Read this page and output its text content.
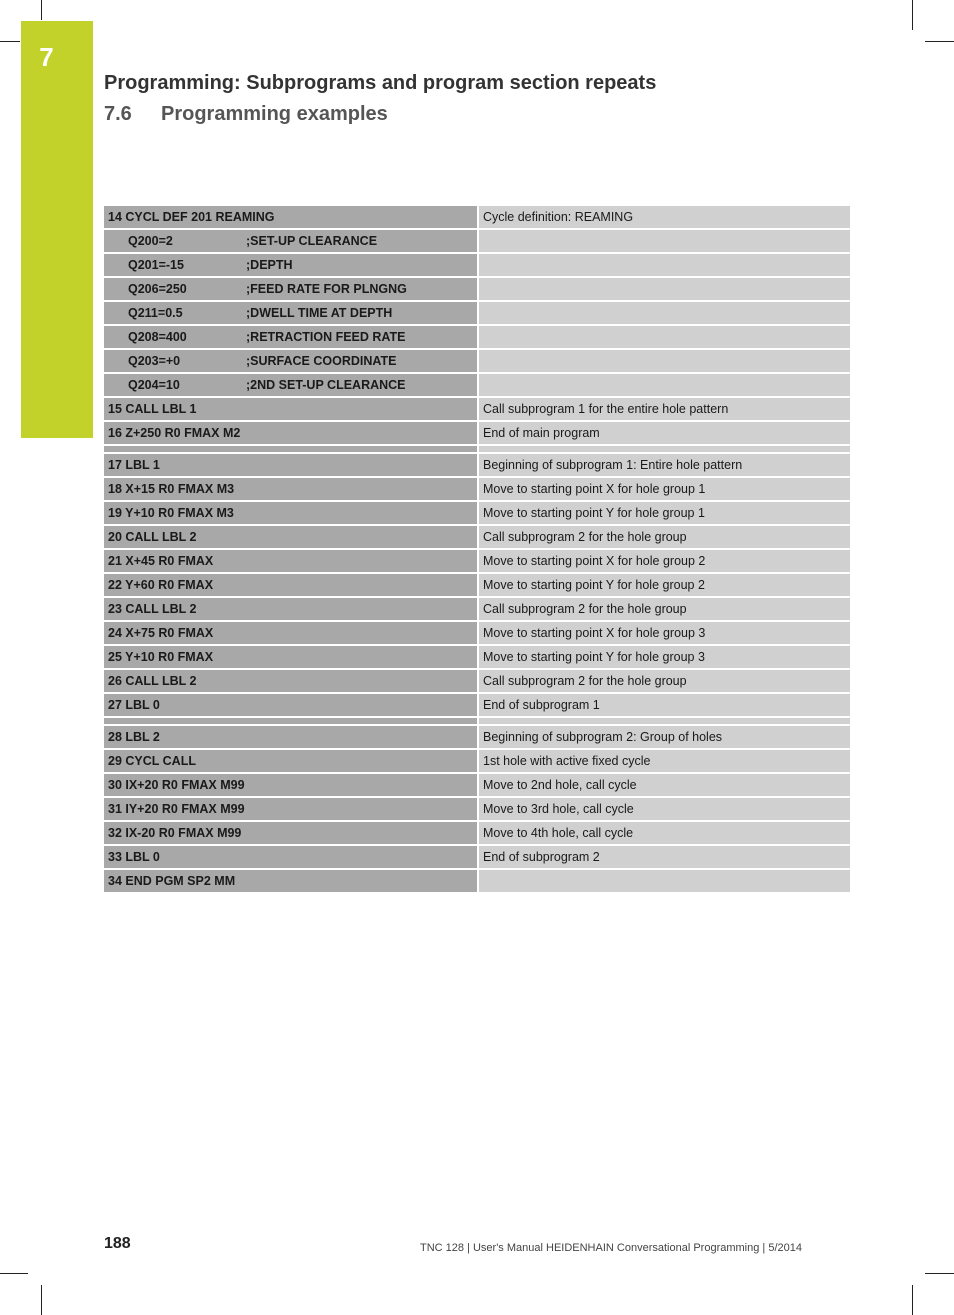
7
Programming: Subprograms and program section repeats
7.6 Programming examples
14 CYCL DEF 201 REAMING	Cycle definition: REAMING
Q200=2 ;SET-UP CLEARANCE	
Q201=-15 ;DEPTH	
Q206=250 ;FEED RATE FOR PLNGNG	
Q211=0.5 ;DWELL TIME AT DEPTH	
Q208=400 ;RETRACTION FEED RATE	
Q203=+0 ;SURFACE COORDINATE	
Q204=10 ;2ND SET-UP CLEARANCE	
15 CALL LBL 1	Call subprogram 1 for the entire hole pattern
16 Z+250 R0 FMAX M2	End of main program

17 LBL 1	Beginning of subprogram 1: Entire hole pattern
18 X+15 R0 FMAX M3	Move to starting point X for hole group 1
19 Y+10 R0 FMAX M3	Move to starting point Y for hole group 1
20 CALL LBL 2	Call subprogram 2 for the hole group
21 X+45 R0 FMAX	Move to starting point X for hole group 2
22 Y+60 R0 FMAX	Move to starting point Y for hole group 2
23 CALL LBL 2	Call subprogram 2 for the hole group
24 X+75 R0 FMAX	Move to starting point X for hole group 3
25 Y+10 R0 FMAX	Move to starting point Y for hole group 3
26 CALL LBL 2	Call subprogram 2 for the hole group
27 LBL 0	End of subprogram 1

28 LBL 2	Beginning of subprogram 2: Group of holes
29 CYCL CALL	1st hole with active fixed cycle
30 IX+20 R0 FMAX M99	Move to 2nd hole, call cycle
31 IY+20 R0 FMAX M99	Move to 3rd hole, call cycle
32 IX-20 R0 FMAX M99	Move to 4th hole, call cycle
33 LBL 0	End of subprogram 2
34 END PGM SP2 MM	
188	TNC 128 | User's Manual HEIDENHAIN Conversational Programming | 5/2014
